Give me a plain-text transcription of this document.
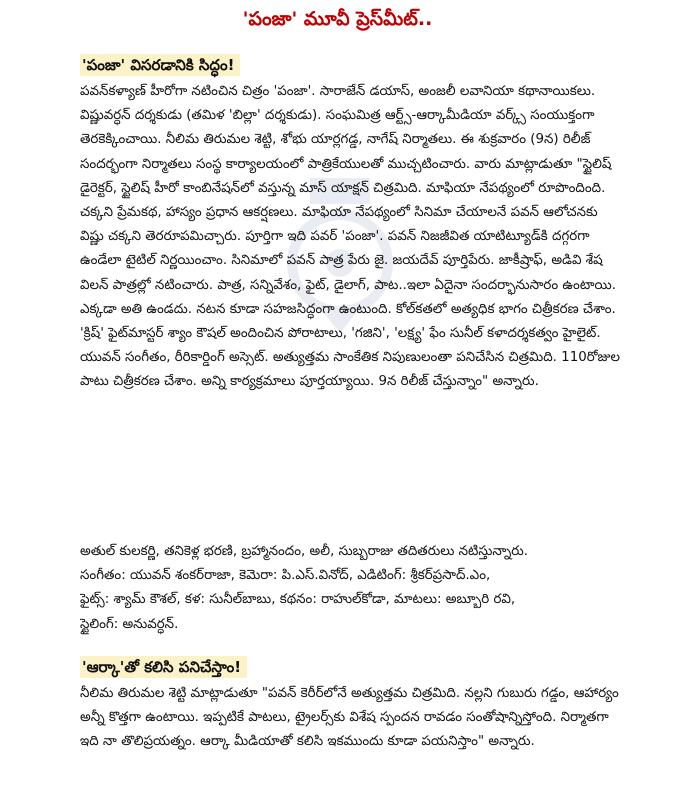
'పంజా' మూవీ ప్రెస్‌మీట్..
'పంజా' విసరడానికి సిద్ధం!

పవన్‌కళ్యాణ్ హీరోగా నటించిన చిత్రం 'పంజా'. సారాజేన్ డయాస్, అంజలీ లవానియా కథానాయికలు. విష్ణువర్ధన్ దర్శకుడు (తమిళ 'బిల్లా' దర్శకుడు). సంఘమిత్ర ఆర్ట్స్-ఆర్కామీడియా వర్క్స్ సంయుక్తంగా తెరకెక్కించాయి. నీలిమ తిరుమల శెట్టి, శోభు యార్లగడ్డ, నాగేష్ నిర్మాతలు. ఈ శుక్రవారం (9న) రిలీజ్ సందర్భంగా నిర్మాతలు సంస్థ కార్యాలయంలో పాత్రికేయులతో ముచ్చటించారు. వారు మాట్లాడుతూ "స్టైలిష్ డైరెక్టర్, స్టైలిష్ హీరో కాంబినేషన్‌లో వస్తున్న మాస్ యాక్షన్ చిత్రమిది. మాఫియా నేపథ్యంలో రూపొందింది. చక్కని ప్రేమకథ, హాస్యం ప్రధాన ఆకర్షణలు. మాఫియా నేపథ్యంలో సినిమా చేయాలనే పవన్ ఆలోచనకు విష్ణు చక్కని తెరరూపమిచ్చారు. పూర్తిగా ఇది పవర్ 'పంజా'. పవన్ నిజజీవిత యాటిట్యూడ్‌కి దగ్గరగా ఉండేలా టైటిల్ నిర్ణయించాం. సినిమాలో పవన్ పాత్ర పేరు జై. జయదేవ్ పూర్తిపేరు. జాకీష్రాఫ్, అడివి శేష విలన్ పాత్రల్లో నటించారు. పాత్ర, సన్నివేశం, ఫైట్, డైలాగ్, పాట..ఇలా ఏదైనా సందర్భానుసారం ఉంటాయి. ఎక్కడా అతి ఉండదు. నటన కూడా సహజసిద్ధంగా ఉంటుంది. కోల్‌కతలో అత్యధిక భాగం చిత్రీకరణ చేశాం. 'క్రిష్' ఫైట్‌మాస్టర్ శ్యాం కౌషల్ అందించిన పోరాటాలు, 'గజిని', 'లక్ష్య' ఫేం సునీల్ కళాదర్శకత్వం హైలైట్. యువన్ సంగీతం, రీరికార్డింగ్ అస్సెట్. అత్యుత్తమ సాంకేతిక నిపుణులంతా పనిచేసిన చిత్రమిది. 110రోజుల పాటు చిత్రీకరణ చేశాం. అన్ని కార్యక్రమాలు పూర్తయ్యాయి. 9న రిలీజ్ చేస్తున్నాం" అన్నారు.

అతుల్ కులకర్ణి, తనికెళ్ల భరణి, బ్రహ్మానందం, అలీ, సుబ్బరాజు తదితరులు నటిస్తున్నారు.
సంగీతం: యువన్ శంకర్‌రాజా, కెమెరా: పి.ఎస్.వినోద్, ఎడిటింగ్: శ్రీకర్‌ప్రసాద్.ఎం,
ఫైట్స్: శ్యామ్ కౌశల్, కళ: సునీల్‌బాబు, కథనం: రాహుల్‌కోడా, మాటలు: అబ్బూరి రవి,
స్టైలింగ్: అనువర్ధన్.
'ఆర్కా'తో కలిసి పనిచేస్తాం!

నీలిమ తిరుమల శెట్టి మాట్లాడుతూ "పవన్ కెరీర్‌లోనే అత్యుత్తమ చిత్రమిది. నల్లని గుబురు గడ్డం, ఆహార్యం అన్నీ కొత్తగా ఉంటాయి. ఇప్పటికే పాటలు, ట్రైలర్స్‌కు విశేష స్పందన రావడం సంతోషాన్నిస్తోంది. నిర్మాతగా ఇది నా తొలిప్రయత్నం. ఆర్కా మీడియాతో కలిసి ఇకముందు కూడా పయనిస్తాం" అన్నారు.
